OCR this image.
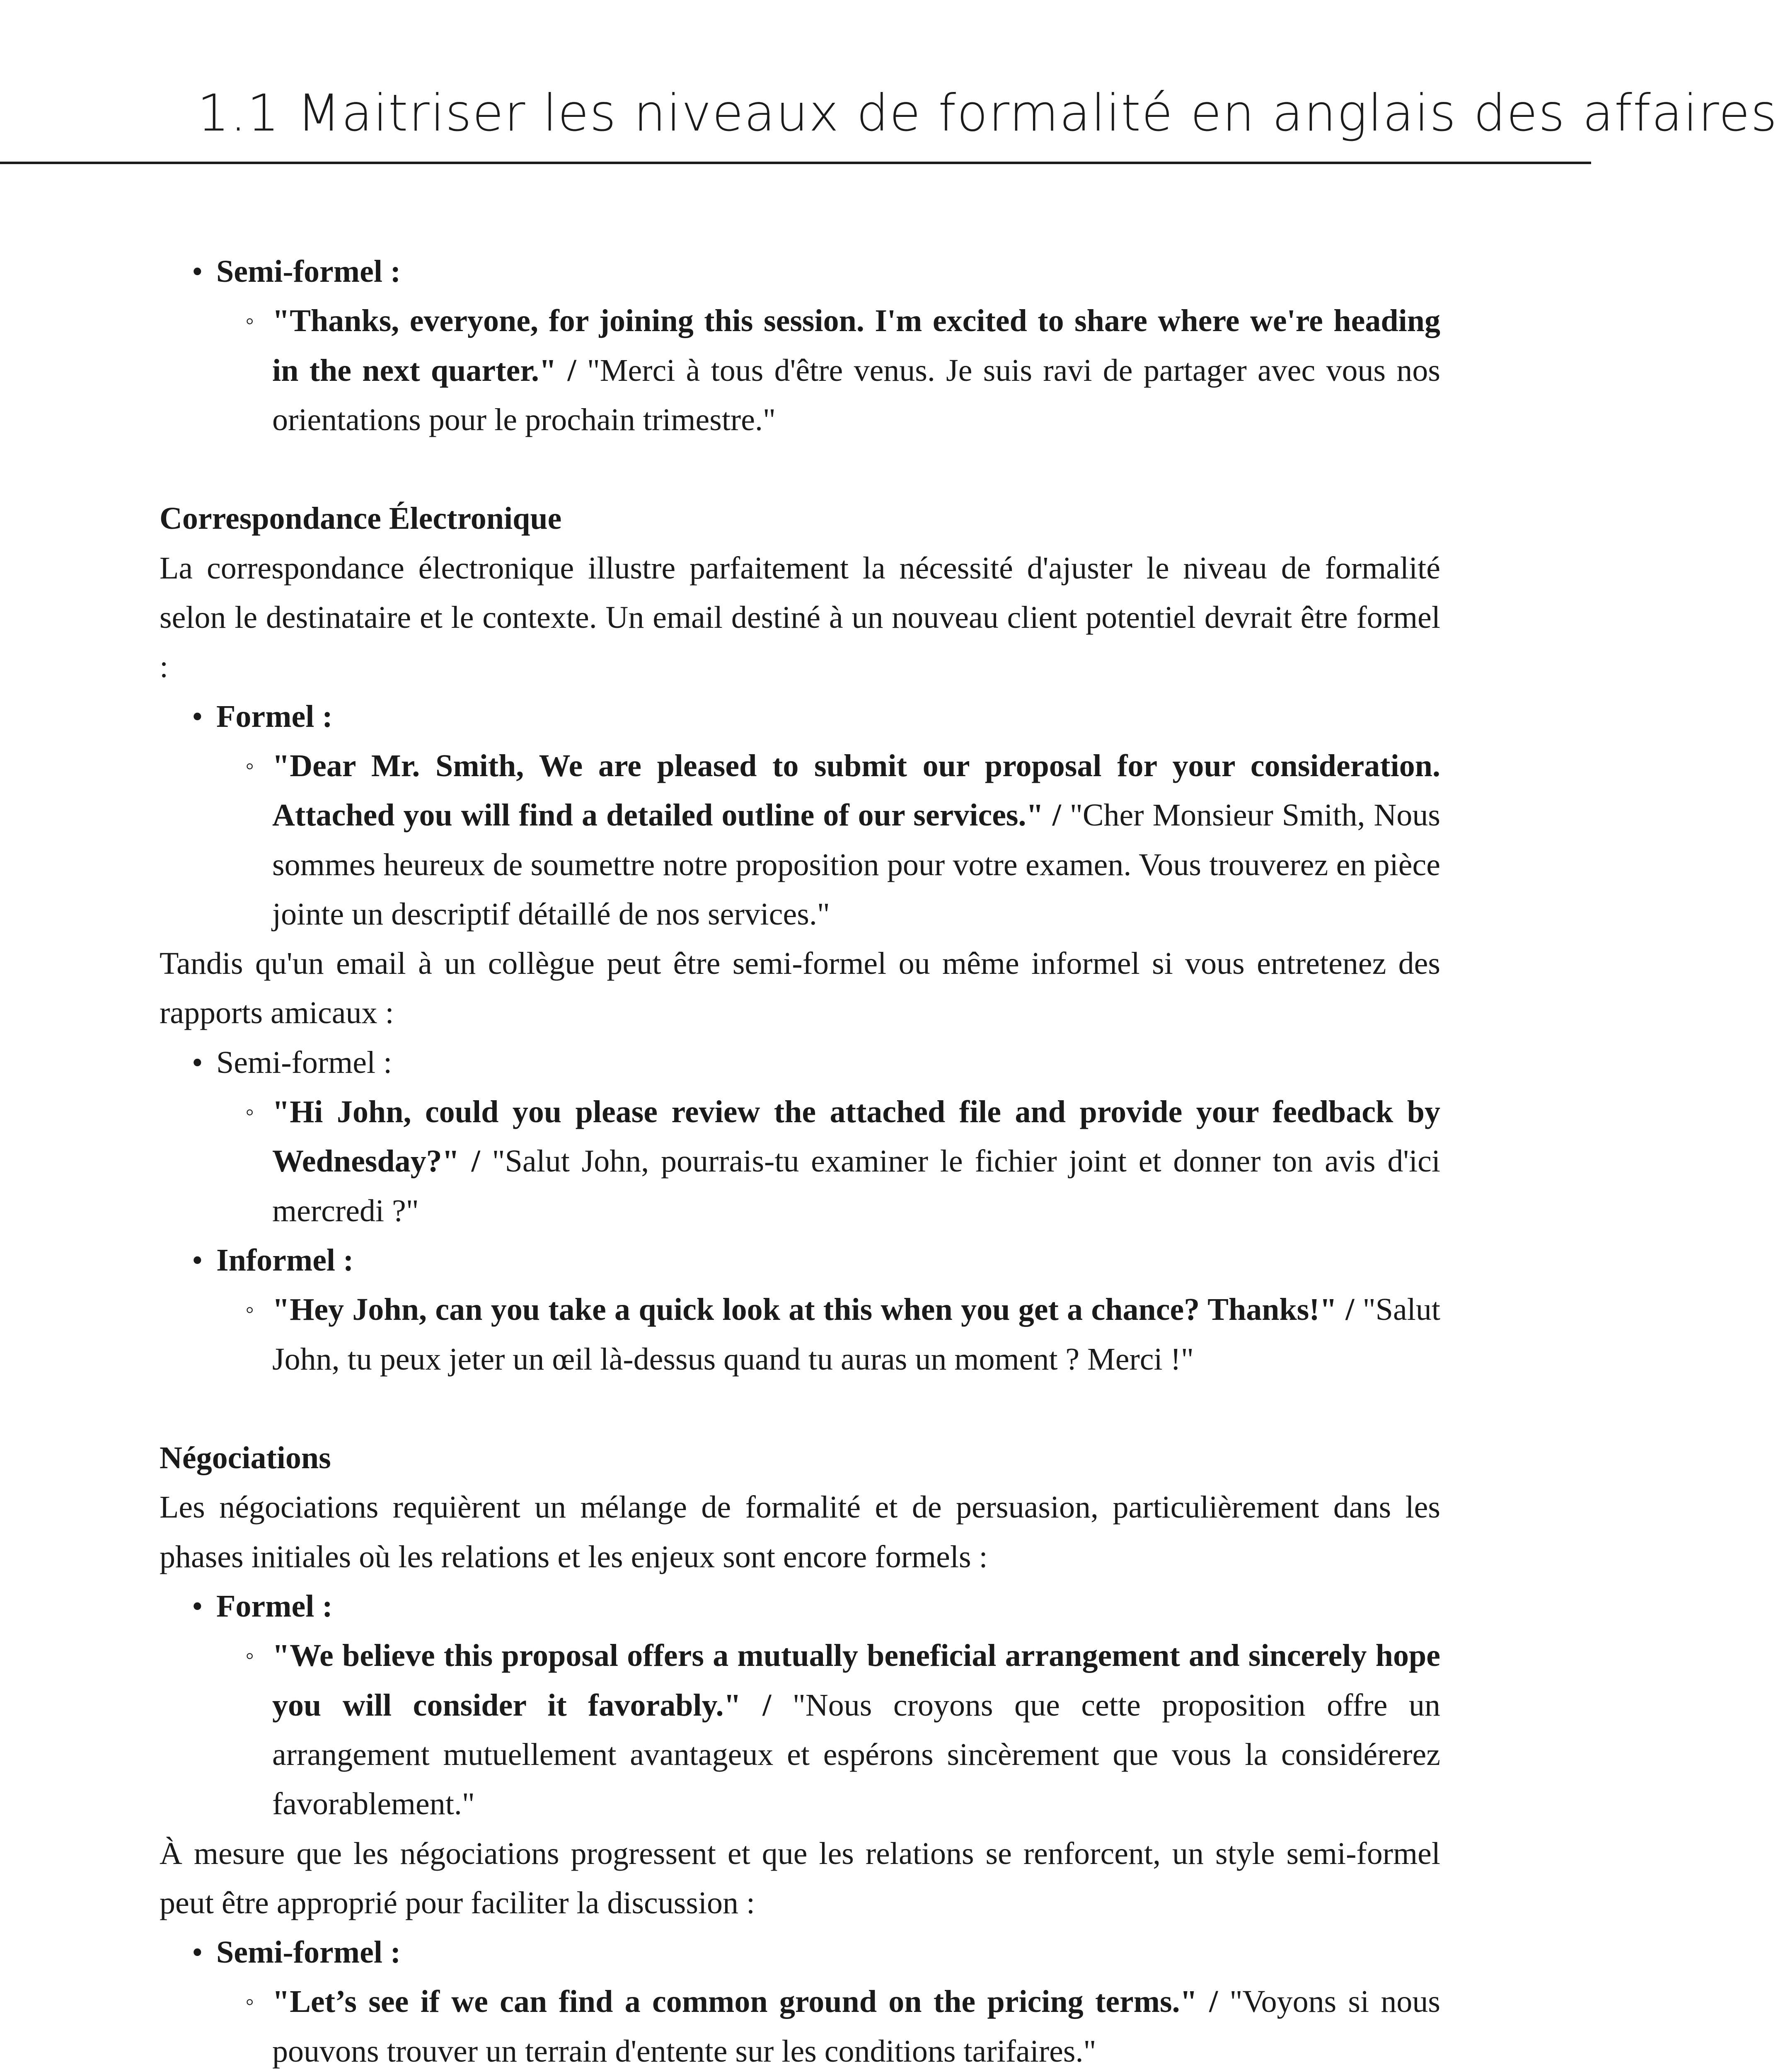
1.1 Maitriser les niveaux de formalité en anglais des affaires
• Semi-formel :
◦ "Thanks, everyone, for joining this session. I'm excited to share where we're heading in the next quarter." / "Merci à tous d'être venus. Je suis ravi de partager avec vous nos orientations pour le prochain trimestre."

Correspondance Électronique

La correspondance électronique illustre parfaitement la nécessité d'ajuster le niveau de formalité selon le destinataire et le contexte. Un email destiné à un nouveau client potentiel devrait être formel :

• Formel :
◦ "Dear Mr. Smith, We are pleased to submit our proposal for your consideration. Attached you will find a detailed outline of our services." / "Cher Monsieur Smith, Nous sommes heureux de soumettre notre proposition pour votre examen. Vous trouverez en pièce jointe un descriptif détaillé de nos services."

Tandis qu'un email à un collègue peut être semi-formel ou même informel si vous entretenez des rapports amicaux :

• Semi-formel :
◦ "Hi John, could you please review the attached file and provide your feedback by Wednesday?" / "Salut John, pourrais-tu examiner le fichier joint et donner ton avis d'ici mercredi ?"
• Informel :
◦ "Hey John, can you take a quick look at this when you get a chance? Thanks!" / "Salut John, tu peux jeter un œil là-dessus quand tu auras un moment ? Merci !"

Négociations

Les négociations requièrent un mélange de formalité et de persuasion, particulièrement dans les phases initiales où les relations et les enjeux sont encore formels :

• Formel :
◦ "We believe this proposal offers a mutually beneficial arrangement and sincerely hope you will consider it favorably." / "Nous croyons que cette proposition offre un arrangement mutuellement avantageux et espérons sincèrement que vous la considérerez favorablement."

À mesure que les négociations progressent et que les relations se renforcent, un style semi-formel peut être approprié pour faciliter la discussion :

• Semi-formel :
◦ "Let’s see if we can find a common ground on the pricing terms." / "Voyons si nous pouvons trouver un terrain d'entente sur les conditions tarifaires."
